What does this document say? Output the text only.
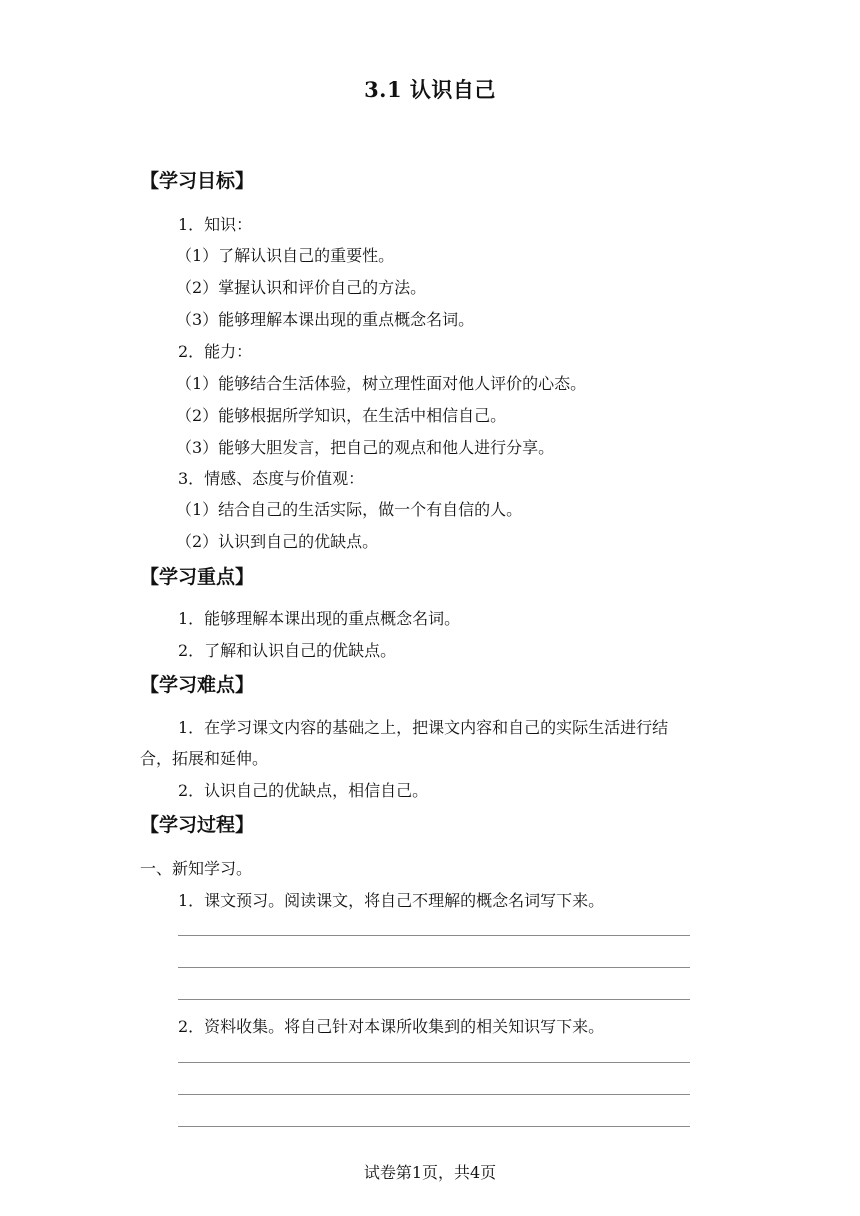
3.1 认识自己
【学习目标】
1．知识：
（1）了解认识自己的重要性。
（2）掌握认识和评价自己的方法。
（3）能够理解本课出现的重点概念名词。
2．能力：
（1）能够结合生活体验，树立理性面对他人评价的心态。
（2）能够根据所学知识，在生活中相信自己。
（3）能够大胆发言，把自己的观点和他人进行分享。
3．情感、态度与价值观：
（1）结合自己的生活实际，做一个有自信的人。
（2）认识到自己的优缺点。
【学习重点】
1．能够理解本课出现的重点概念名词。
2．了解和认识自己的优缺点。
【学习难点】
1．在学习课文内容的基础之上，把课文内容和自己的实际生活进行结
合，拓展和延伸。
2．认识自己的优缺点，相信自己。
【学习过程】
一、新知学习。
1．课文预习。阅读课文，将自己不理解的概念名词写下来。
2．资料收集。将自己针对本课所收集到的相关知识写下来。
试卷第1页，共4页
